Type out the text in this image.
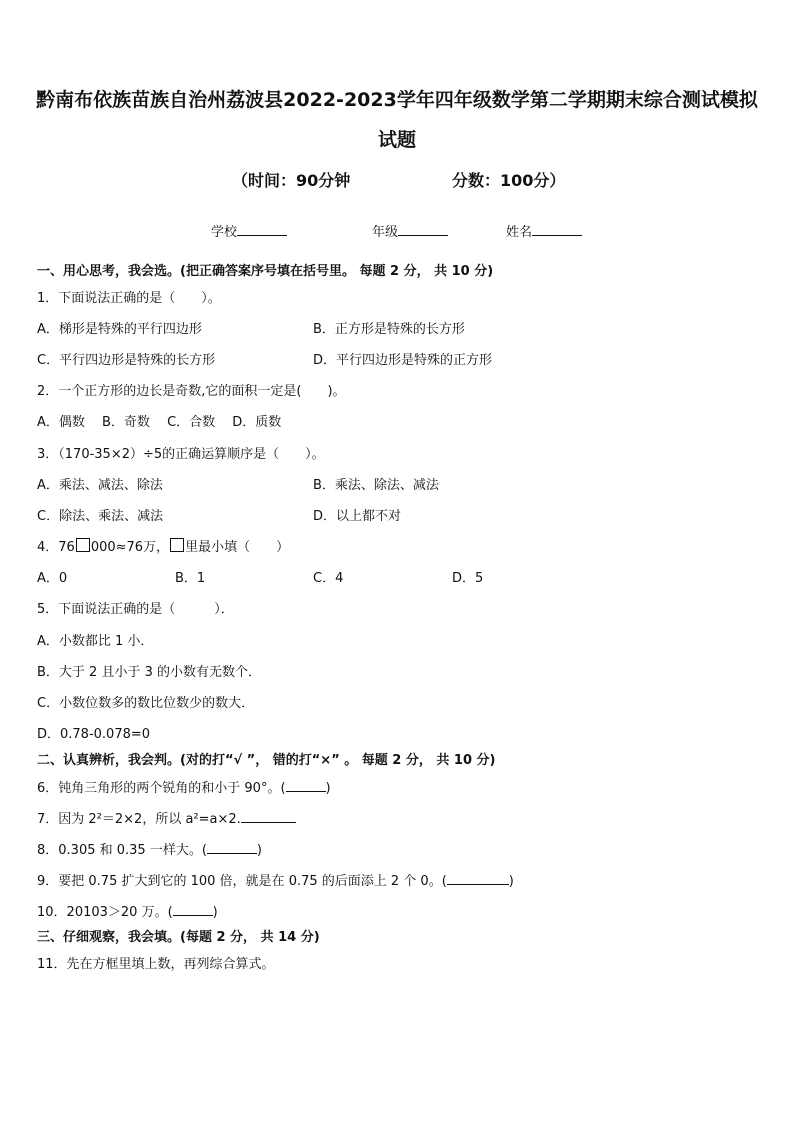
黔南布依族苗族自治州荔波县2022-2023学年四年级数学第二学期期末综合测试模拟
试题
（时间：90分钟	分数：100分）
学校	年级	姓名
一、用心思考，我会选。(把正确答案序号填在括号里。 每题 2 分， 共 10 分)
1．下面说法正确的是（　　）。
A．梯形是特殊的平行四边形	B．正方形是特殊的长方形
C．平行四边形是特殊的长方形	D．平行四边形是特殊的正方形
2．一个正方形的边长是奇数,它的面积一定是(　　)。
A．偶数　 B．奇数　 C．合数　 D．质数
3．（170-35×2）÷5的正确运算顺序是（　　）。
A．乘法、减法、除法	B．乘法、除法、减法
C．除法、乘法、减法	D．以上都不对
4．76 000≈76万， 里最小填（　　）
A．0	B．1	C．4	D．5
5．下面说法正确的是（　　　）．
A．小数都比 1 小．
B．大于 2 且小于 3 的小数有无数个．
C．小数位数多的数比位数少的数大．
D．0.78-0.078=0
二、认真辨析，我会判。(对的打“√ ”， 错的打“×” 。 每题 2 分， 共 10 分)
6．钝角三角形的两个锐角的和小于 90°。(	)
7．因为 2²＝2×2，所以 a²=a×2.
8．0.305 和 0.35 一样大。(	)
9．要把 0.75 扩大到它的 100 倍，就是在 0.75 的后面添上 2 个 0。(	)
10．20103＞20 万。(	)
三、仔细观察，我会填。(每题 2 分， 共 14 分)
11．先在方框里填上数，再列综合算式。
